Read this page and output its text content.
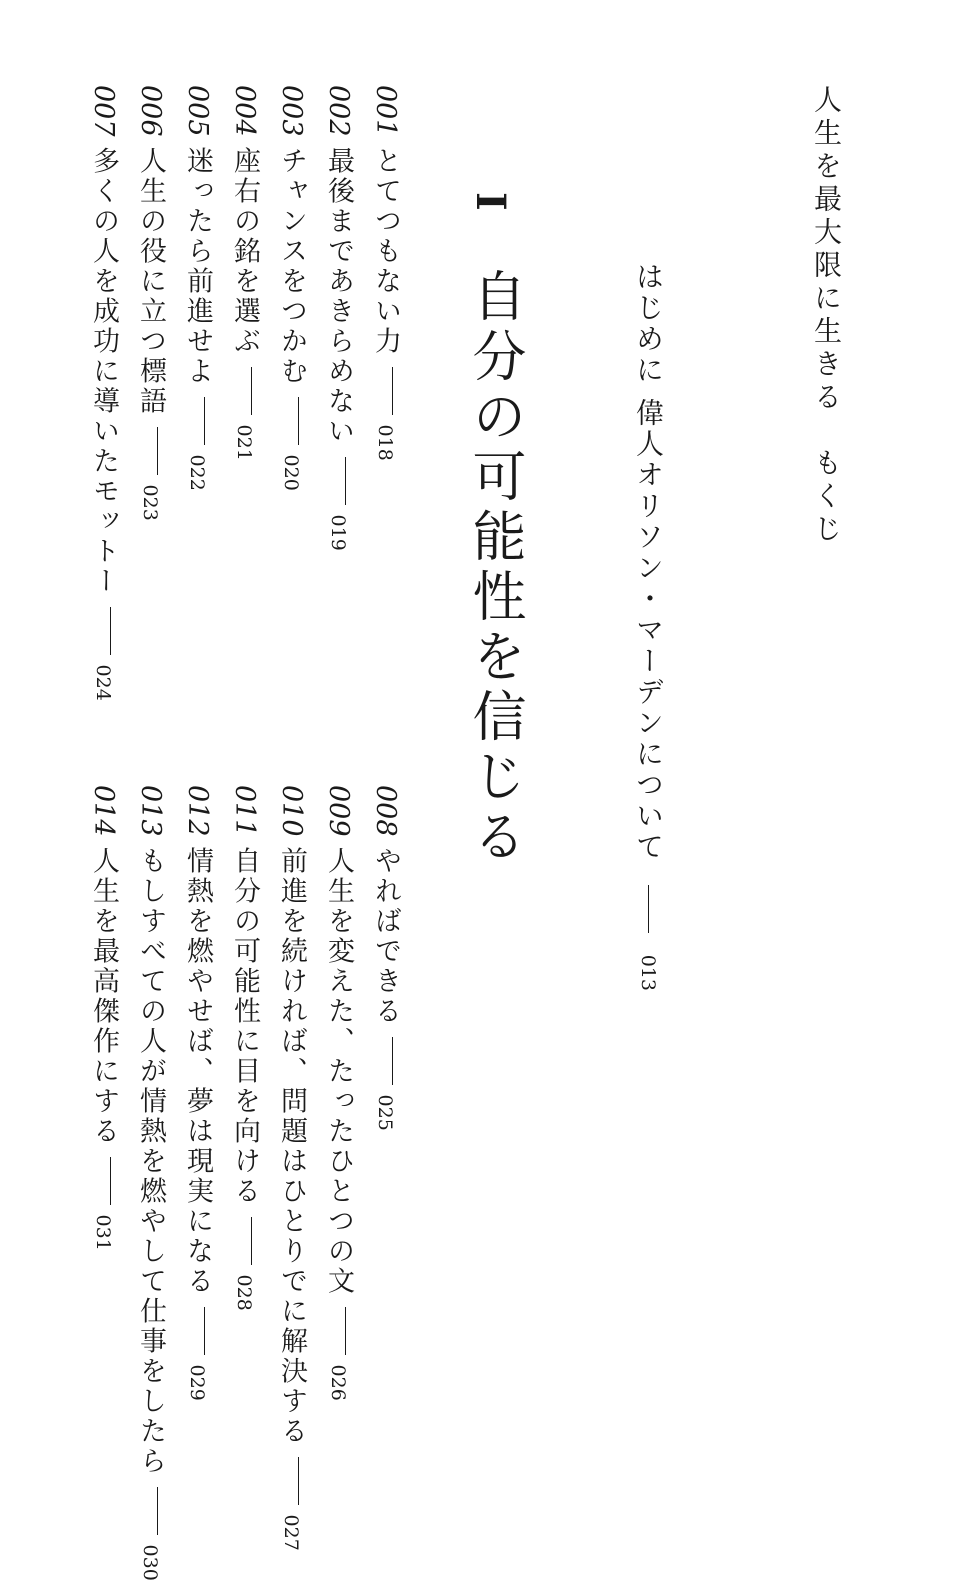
人生を最大限に生きる　もくじ
はじめに 偉人オリソン・マーデンについて  013
I
自分の可能性を信じる
001とてつもない力018
002最後まであきらめない019
003チャンスをつかむ020
004座右の銘を選ぶ021
005迷ったら前進せよ022
006人生の役に立つ標語023
007多くの人を成功に導いたモットー024
008やればできる025
009人生を変えた、たったひとつの文026
010前進を続ければ、問題はひとりでに解決する027
011自分の可能性に目を向ける028
012情熱を燃やせば、夢は現実になる029
013もしすべての人が情熱を燃やして仕事をしたら030
014人生を最高傑作にする031
